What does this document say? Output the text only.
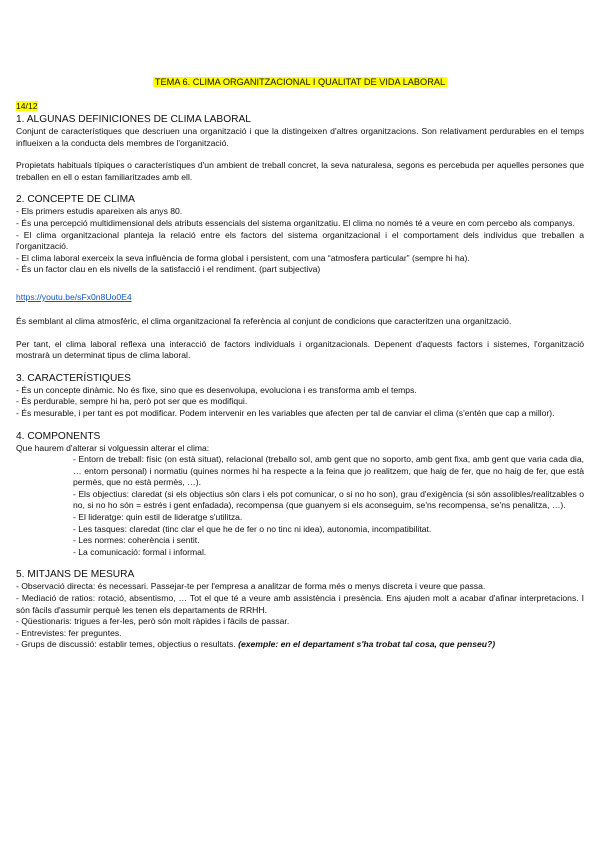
TEMA 6. CLIMA ORGANITZACIONAL I QUALITAT DE VIDA LABORAL
14/12
1. ALGUNAS DEFINICIONES DE CLIMA LABORAL

Conjunt de característiques que descriuen una organització i que la distingeixen d'altres organitzacions. Son relativament perdurables en el temps influeixen a la conducta dels membres de l'organització.

Propietats habituals típiques o característiques d'un ambient de treball concret, la seva naturalesa, segons es percebuda per aquelles persones que treballen en ell o estan familiaritzades amb ell.

2. CONCEPTE DE CLIMA
- Els primers estudis apareixen als anys 80.
- És una percepció multidimensional dels atributs essencials del sistema organitzatiu. El clima no només té a veure en com percebo als companys.
- El clima organitzacional planteja la relació entre els factors del sistema organitzacional i el comportament dels individus que treballen a l'organització.
- El clima laboral exerceix la seva influència de forma global i persistent, com una “atmosfera particular” (sempre hi ha).
- És un factor clau en els nivells de la satisfacció i el rendiment. (part subjectiva)
https://youtu.be/sFx0n8Uo0E4

És semblant al clima atmosfèric, el clima organitzacional fa referència al conjunt de condicions que caracteritzen una organització.

Per tant, el clima laboral reflexa una interacció de factors individuals i organitzacionals. Depenent d'aquests factors i sistemes, l'organització mostrarà un determinat tipus de clima laboral.

3. CARACTERÍSTIQUES
- És un concepte dinàmic. No és fixe, sino que es desenvolupa, evoluciona i es transforma amb el temps.
- És perdurable, sempre hi ha, però pot ser que es modifiqui.
- És mesurable, i per tant es pot modificar. Podem intervenir en les variables que afecten per tal de canviar el clima (s'entén que cap a millor).
4. COMPONENTS

Que haurem d'alterar si volguessin alterar el clima:

- Entorn de treball: físic (on està situat), relacional (treballo sol, amb gent que no soporto, amb gent fixa, amb gent que varia cada dia, … entorn personal) i normatiu (quines normes hi ha respecte a la feina que jo realitzem, que haig de fer, que no haig de fer, que està permès, que no està permès, …).
- Els objectius: claredat (si els objectius són clars i els pot comunicar, o si no ho son), grau d'exigència (si són assolibles/realitzables o no, si no ho són = estrés i gent enfadada), recompensa (que guanyem si els aconseguim, se'ns recompensa, se'ns penalitza, …).
- El lideratge: quin estil de lideratge s'utilitza.
- Les tasques: claredat (tinc clar el que he de fer o no tinc ni idea), autonomia, incompatibilitat.
- Les normes: coherència i sentit.
- La comunicació: formal i informal.
5. MITJANS DE MESURA
- Observació directa: és necessari. Passejar-te per l'empresa a analitzar de forma més o menys discreta i veure que passa.
- Mediació de ratios: rotació, absentismo, … Tot el que té a veure amb assistència i presència. Ens ajuden molt a acabar d'afinar interpretacions. I són fàcils d'assumir perquè les tenen els departaments de RRHH.
- Qüestionaris: trigues a fer-les, però són molt ràpides i fàcils de passar.
- Entrevistes: fer preguntes.
- Grups de discussió: establir temes, objectius o resultats. (exemple: en el departament s'ha trobat tal cosa, que penseu?)
